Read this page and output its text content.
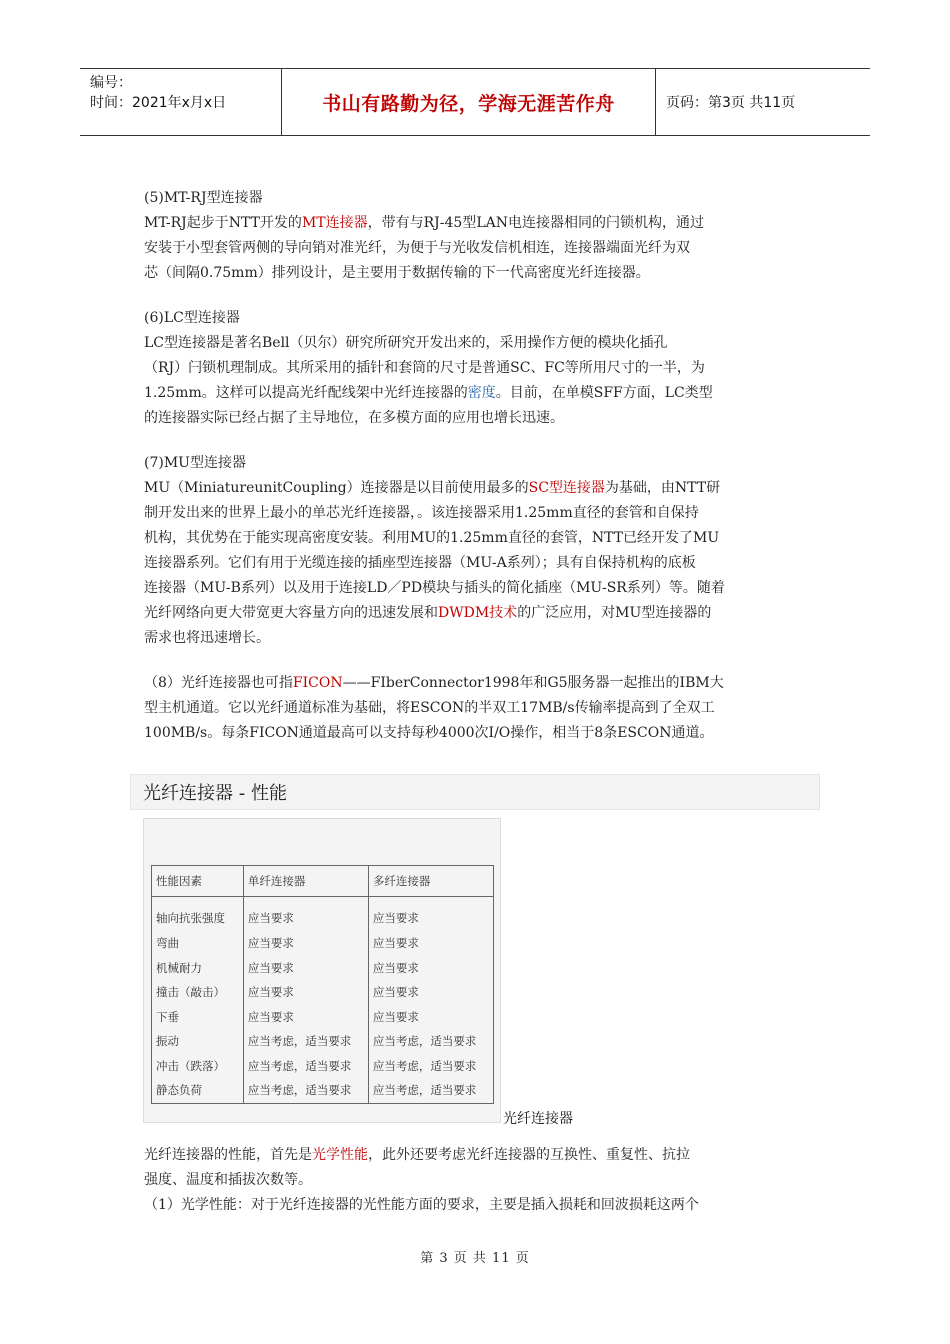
编号：
时间：2021年x月x日	书山有路勤为径，学海无涯苦作舟	页码：第3页 共11页
(5)MT-RJ型连接器
MT-RJ起步于NTT开发的MT连接器，带有与RJ-45型LAN电连接器相同的闩锁机构，通过
安装于小型套管两侧的导向销对准光纤，为便于与光收发信机相连，连接器端面光纤为双
芯（间隔0.75mm）排列设计，是主要用于数据传输的下一代高密度光纤连接器。
(6)LC型连接器
LC型连接器是著名Bell（贝尔）研究所研究开发出来的，采用操作方便的模块化插孔
（RJ）闩锁机理制成。其所采用的插针和套筒的尺寸是普通SC、FC等所用尺寸的一半，为
1.25mm。这样可以提高光纤配线架中光纤连接器的密度。目前，在单模SFF方面，LC类型
的连接器实际已经占据了主导地位，在多模方面的应用也增长迅速。
(7)MU型连接器
MU（MiniatureunitCoupling）连接器是以目前使用最多的SC型连接器为基础，由NTT研
制开发出来的世界上最小的单芯光纤连接器，。该连接器采用1.25mm直径的套管和自保持
机构，其优势在于能实现高密度安装。利用MU的1.25mm直径的套管，NTT已经开发了MU
连接器系列。它们有用于光缆连接的插座型连接器（MU-A系列）；具有自保持机构的底板
连接器（MU-B系列）以及用于连接LD／PD模块与插头的简化插座（MU-SR系列）等。随着
光纤网络向更大带宽更大容量方向的迅速发展和DWDM技术的广泛应用，对MU型连接器的
需求也将迅速增长。
（8）光纤连接器也可指FICON——FIberConnector1998年和G5服务器一起推出的IBM大
型主机通道。它以光纤通道标准为基础，将ESCON的半双工17MB/s传输率提高到了全双工
100MB/s。每条FICON通道最高可以支持每秒4000次I/O操作，相当于8条ESCON通道。
光纤连接器 - 性能
性能因素	单纤连接器	多纤连接器
轴向抗张强度	应当要求	应当要求
弯曲	应当要求	应当要求
机械耐力	应当要求	应当要求
撞击（敲击）	应当要求	应当要求
下垂	应当要求	应当要求
振动	应当考虑，适当要求	应当考虑，适当要求
冲击（跌落）	应当考虑，适当要求	应当考虑，适当要求
静态负荷	应当考虑，适当要求	应当考虑，适当要求
光纤连接器
光纤连接器的性能，首先是光学性能，此外还要考虑光纤连接器的互换性、重复性、抗拉
强度、温度和插拔次数等。
（1）光学性能：对于光纤连接器的光性能方面的要求，主要是插入损耗和回波损耗这两个
第 3 页 共 11 页
